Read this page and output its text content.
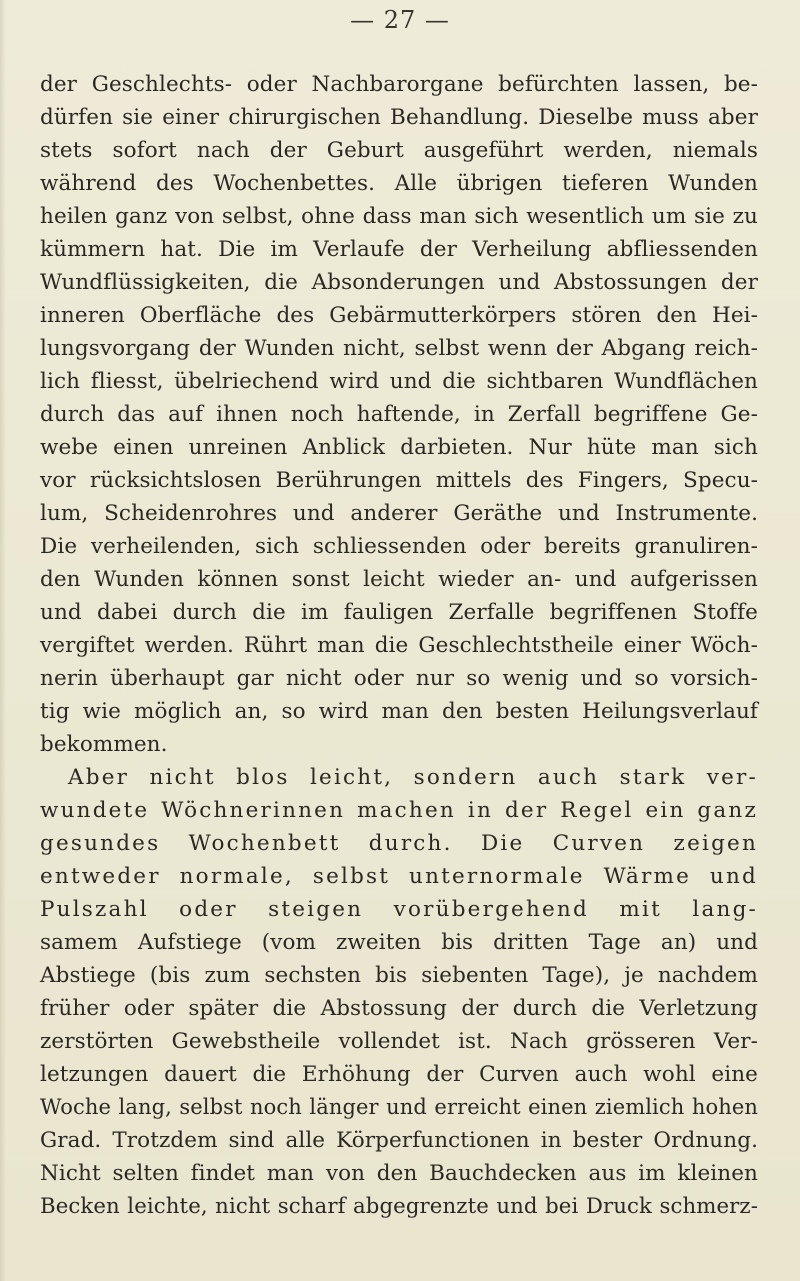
— 27 —
der Geschlechts- oder Nachbarorgane befürchten lassen, be-
dürfen sie einer chirurgischen Behandlung. Dieselbe muss aber
stets sofort nach der Geburt ausgeführt werden, niemals
während des Wochenbettes. Alle übrigen tieferen Wunden
heilen ganz von selbst, ohne dass man sich wesentlich um sie zu
kümmern hat. Die im Verlaufe der Verheilung abfliessenden
Wundflüssigkeiten, die Absonderungen und Abstossungen der
inneren Oberfläche des Gebärmutterkörpers stören den Hei-
lungsvorgang der Wunden nicht, selbst wenn der Abgang reich-
lich fliesst, übelriechend wird und die sichtbaren Wundflächen
durch das auf ihnen noch haftende, in Zerfall begriffene Ge-
webe einen unreinen Anblick darbieten. Nur hüte man sich
vor rücksichtslosen Berührungen mittels des Fingers, Specu-
lum, Scheidenrohres und anderer Geräthe und Instrumente.
Die verheilenden, sich schliessenden oder bereits granuliren-
den Wunden können sonst leicht wieder an- und aufgerissen
und dabei durch die im fauligen Zerfalle begriffenen Stoffe
vergiftet werden. Rührt man die Geschlechtstheile einer Wöch-
nerin überhaupt gar nicht oder nur so wenig und so vorsich-
tig wie möglich an, so wird man den besten Heilungsverlauf
bekommen.
Aber nicht blos leicht, sondern auch stark ver-
wundete Wöchnerinnen machen in der Regel ein ganz
gesundes Wochenbett durch. Die Curven zeigen
entweder normale, selbst unternormale Wärme und
Pulszahl oder steigen vorübergehend mit lang-
samem Aufstiege (vom zweiten bis dritten Tage an) und
Abstiege (bis zum sechsten bis siebenten Tage), je nachdem
früher oder später die Abstossung der durch die Verletzung
zerstörten Gewebstheile vollendet ist. Nach grösseren Ver-
letzungen dauert die Erhöhung der Curven auch wohl eine
Woche lang, selbst noch länger und erreicht einen ziemlich hohen
Grad. Trotzdem sind alle Körperfunctionen in bester Ordnung.
Nicht selten findet man von den Bauchdecken aus im kleinen
Becken leichte, nicht scharf abgegrenzte und bei Druck schmerz-
